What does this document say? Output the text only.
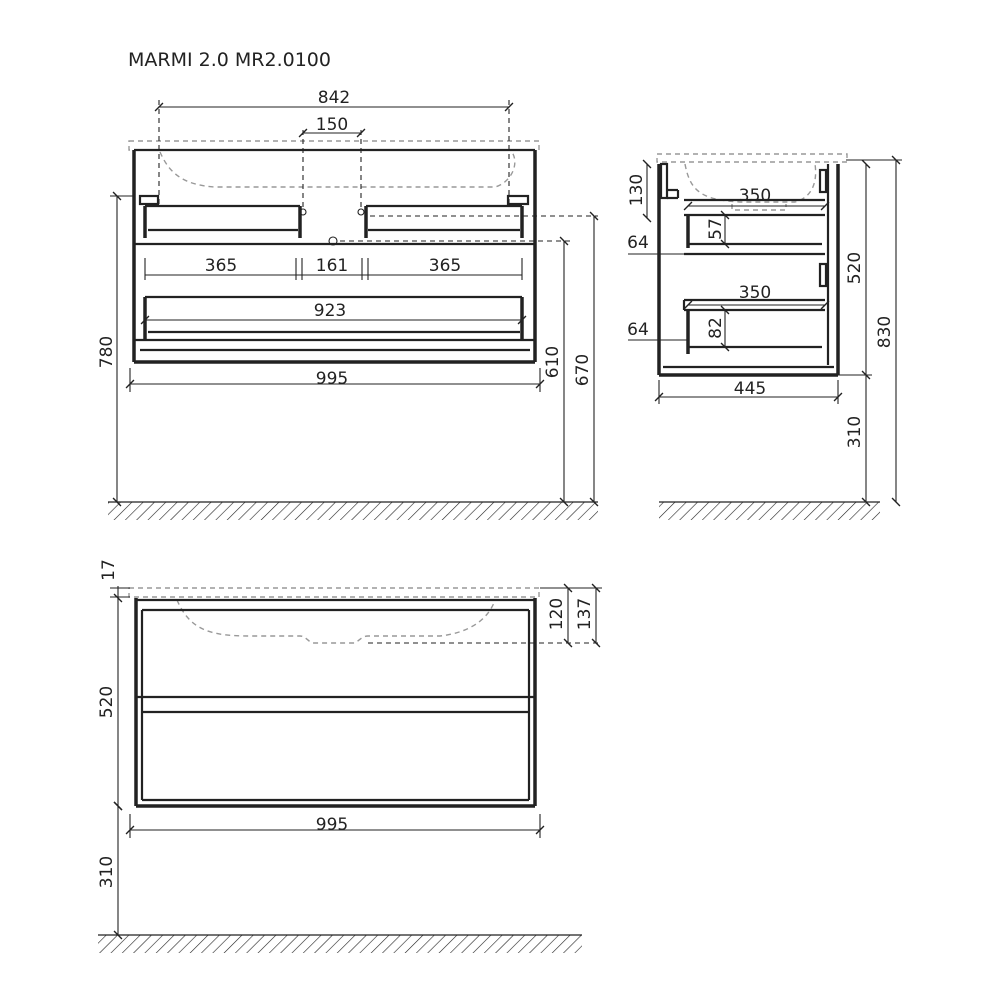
MARMI 2.0 MR2.0100
842
150
365	161	365
923
995
780	610 670
130	350
64
57
350
64	82
445
520
830
310
17
120 137
520
995
310
